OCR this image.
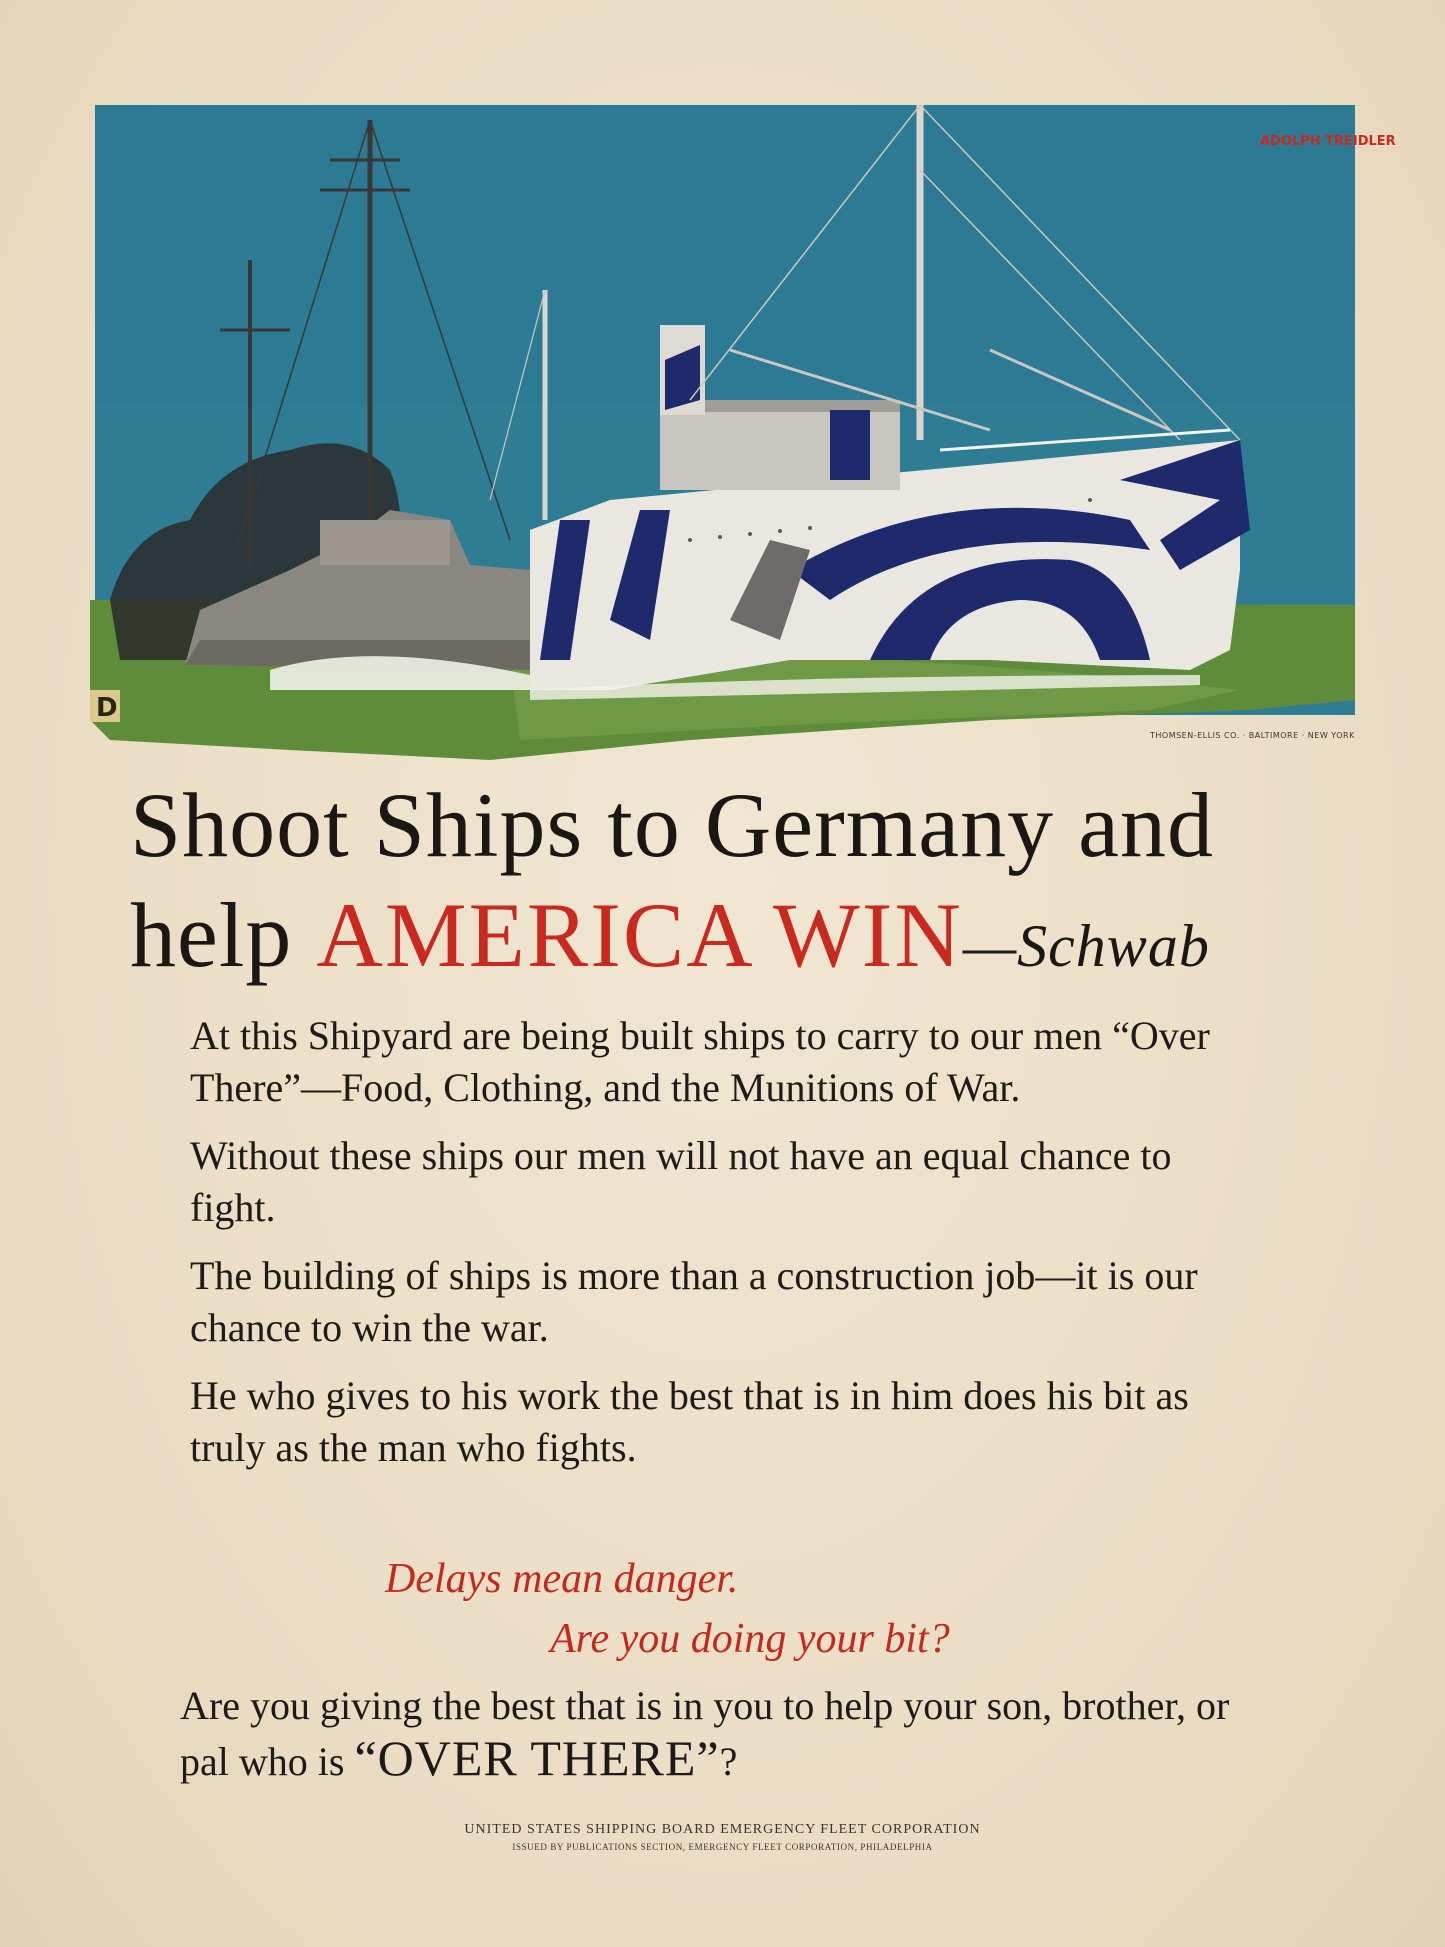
ADOLPH TREIDLER
D
THOMSEN-ELLIS CO. · BALTIMORE · NEW YORK
Shoot Ships to Germany and
help AMERICA WIN—Schwab

At this Shipyard are being built ships to carry to our men “Over There”—Food, Clothing, and the Munitions of War.

Without these ships our men will not have an equal chance to fight.

The building of ships is more than a construction job—it is our chance to win the war.

He who gives to his work the best that is in him does his bit as truly as the man who fights.

Delays mean danger.
Are you doing your bit?
Are you giving the best that is in you to help your son, brother, or pal who is “OVER THERE”?
UNITED STATES SHIPPING BOARD EMERGENCY FLEET CORPORATION
ISSUED BY PUBLICATIONS SECTION, EMERGENCY FLEET CORPORATION, PHILADELPHIA
